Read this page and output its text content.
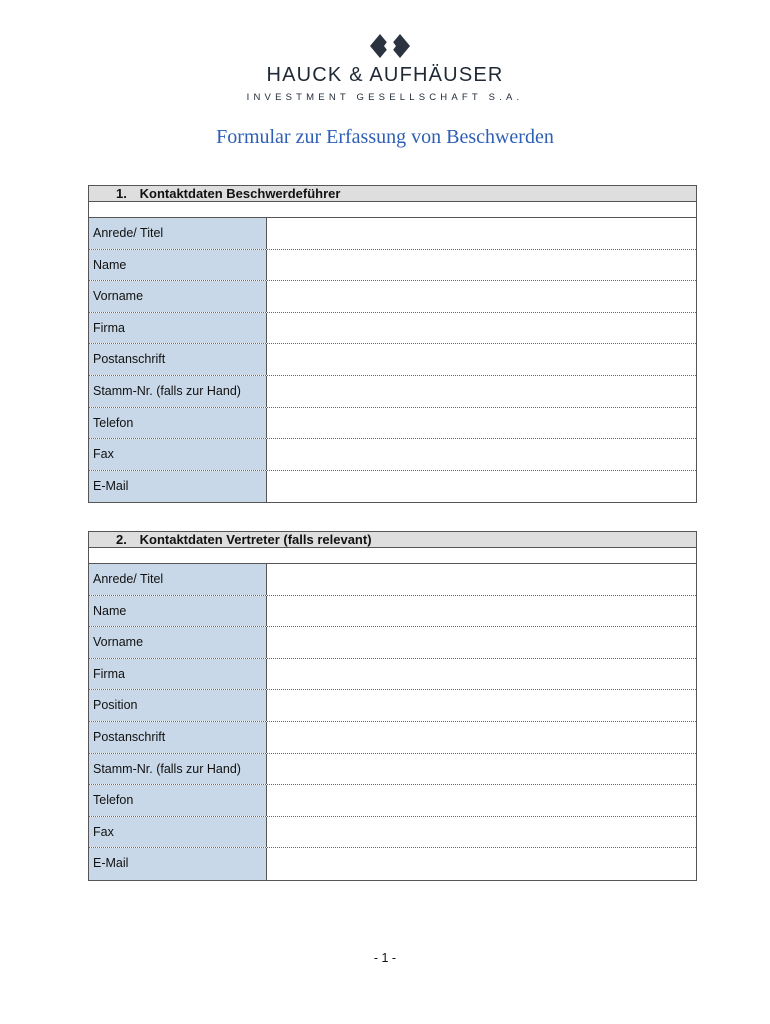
HAUCK & AUFHÄUSER
INVESTMENT GESELLSCHAFT S.A.
Formular zur Erfassung von Beschwerden
1. Kontaktdaten Beschwerdeführer
Anrede/ Titel
Name
Vorname
Firma
Postanschrift
Stamm-Nr. (falls zur Hand)
Telefon
Fax
E-Mail
2. Kontaktdaten Vertreter (falls relevant)
Anrede/ Titel
Name
Vorname
Firma
Position
Postanschrift
Stamm-Nr. (falls zur Hand)
Telefon
Fax
E-Mail
- 1 -
